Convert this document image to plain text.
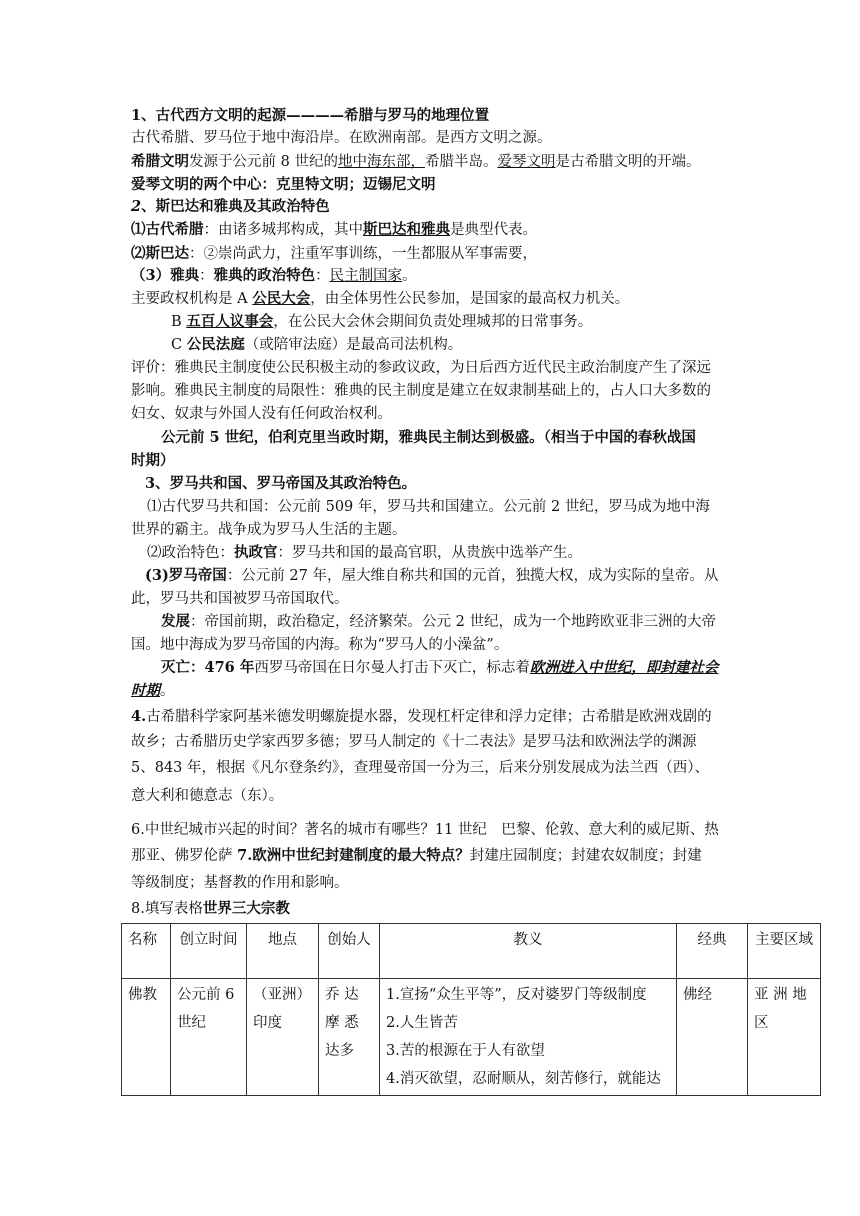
1、古代西方文明的起源————希腊与罗马的地理位置
古代希腊、罗马位于地中海沿岸。在欧洲南部。是西方文明之源。
希腊文明发源于公元前 8 世纪的地中海东部，希腊半岛。爱琴文明是古希腊文明的开端。
爱琴文明的两个中心：克里特文明；迈锡尼文明
2、斯巴达和雅典及其政治特色
⑴古代希腊：由诸多城邦构成，其中斯巴达和雅典是典型代表。
⑵斯巴达：②崇尚武力，注重军事训练，一生都服从军事需要，
（3）雅典：雅典的政治特色：民主制国家。
主要政权机构是 A 公民大会，由全体男性公民参加，是国家的最高权力机关。
B 五百人议事会，在公民大会休会期间负责处理城邦的日常事务。
C 公民法庭（或陪审法庭）是最高司法机构。
评价：雅典民主制度使公民积极主动的参政议政，为日后西方近代民主政治制度产生了深远
影响。雅典民主制度的局限性：雅典的民主制度是建立在奴隶制基础上的，占人口大多数的
妇女、奴隶与外国人没有任何政治权利。
公元前 5 世纪，伯利克里当政时期，雅典民主制达到极盛。（相当于中国的春秋战国
时期）
3、罗马共和国、罗马帝国及其政治特色。
⑴古代罗马共和国：公元前 509 年，罗马共和国建立。公元前 2 世纪，罗马成为地中海
世界的霸主。战争成为罗马人生活的主题。
⑵政治特色：执政官：罗马共和国的最高官职，从贵族中选举产生。
(3)罗马帝国：公元前 27 年，屋大维自称共和国的元首，独揽大权，成为实际的皇帝。从
此，罗马共和国被罗马帝国取代。
发展：帝国前期，政治稳定，经济繁荣。公元 2 世纪，成为一个地跨欧亚非三洲的大帝
国。地中海成为罗马帝国的内海。称为“罗马人的小澡盆”。
灭亡：476 年西罗马帝国在日尔曼人打击下灭亡，标志着欧洲进入中世纪，即封建社会
时期。
4.古希腊科学家阿基米德发明螺旋提水器，发现杠杆定律和浮力定律；古希腊是欧洲戏剧的
故乡；古希腊历史学家西罗多德；罗马人制定的《十二表法》是罗马法和欧洲法学的渊源
5、843 年，根据《凡尔登条约》，查理曼帝国一分为三，后来分别发展成为法兰西（西）、
意大利和德意志（东）。
6.中世纪城市兴起的时间？著名的城市有哪些？11 世纪　巴黎、伦敦、意大利的威尼斯、热
那亚、佛罗伦萨 7.欧洲中世纪封建制度的最大特点？封建庄园制度；封建农奴制度；封建
等级制度；基督教的作用和影响。
8.填写表格世界三大宗教
名称	创立时间	地点	创始人	教义	经典	主要区域
佛教	公元前 6 世纪	（亚洲）印度	乔 达 摩 悉达多	1.宣扬“众生平等”，反对婆罗门等级制度
2.人生皆苦
3.苦的根源在于人有欲望
4.消灭欲望，忍耐顺从，刻苦修行，就能达	佛经	亚 洲 地 区
